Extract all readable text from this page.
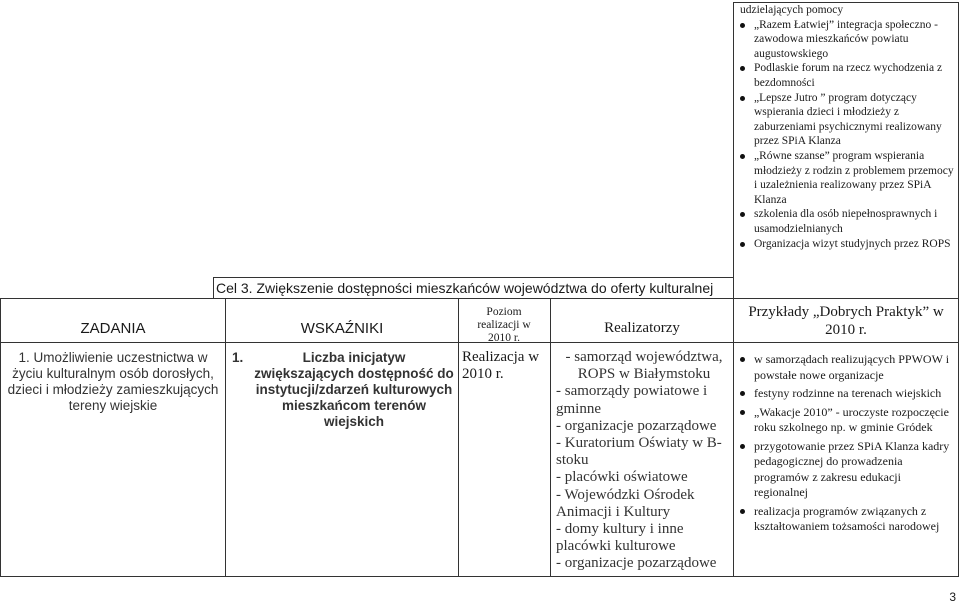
udzielających pomocy
„Razem Łatwiej” integracja społeczno - zawodowa mieszkańców powiatu augustowskiego
Podlaskie forum na rzecz wychodzenia z bezdomności
„Lepsze Jutro ” program dotyczący wspierania dzieci i młodzieży z zaburzeniami psychicznymi realizowany przez SPiA Klanza
„Równe szanse” program wspierania młodzieży z rodzin z problemem przemocy i uzależnienia realizowany przez SPiA Klanza
szkolenia dla osób niepełnosprawnych i usamodzielnianych
Organizacja wizyt studyjnych przez ROPS
Cel 3. Zwiększenie dostępności mieszkańców województwa do oferty kulturalnej
ZADANIA	WSKAŹNIKI
Poziom realizacji w 2010 r.
Realizatorzy
Przykłady „Dobrych Praktyk” w 2010 r.
1. Umożliwienie uczestnictwa w życiu kulturalnym osób dorosłych, dzieci i młodzieży zamieszkujących tereny wiejskie
1.	Liczba inicjatyw zwiększających dostępność do instytucji/zdarzeń kulturowych mieszkańcom terenów wiejskich
Realizacja w 2010 r.
- samorząd województwa, ROPS w Białymstoku
- samorządy powiatowe i gminne
- organizacje pozarządowe
- Kuratorium Oświaty w B-stoku
- placówki oświatowe
- Wojewódzki Ośrodek Animacji i Kultury
- domy kultury i inne placówki kulturowe
- organizacje pozarządowe
w samorządach realizujących PPWOW i powstałe nowe organizacje
festyny rodzinne na terenach wiejskich
„Wakacje 2010” - uroczyste rozpoczęcie roku szkolnego np. w gminie Gródek
przygotowanie przez SPiA Klanza kadry pedagogicznej do prowadzenia programów z zakresu edukacji regionalnej
realizacja programów związanych z kształtowaniem tożsamości narodowej
3
